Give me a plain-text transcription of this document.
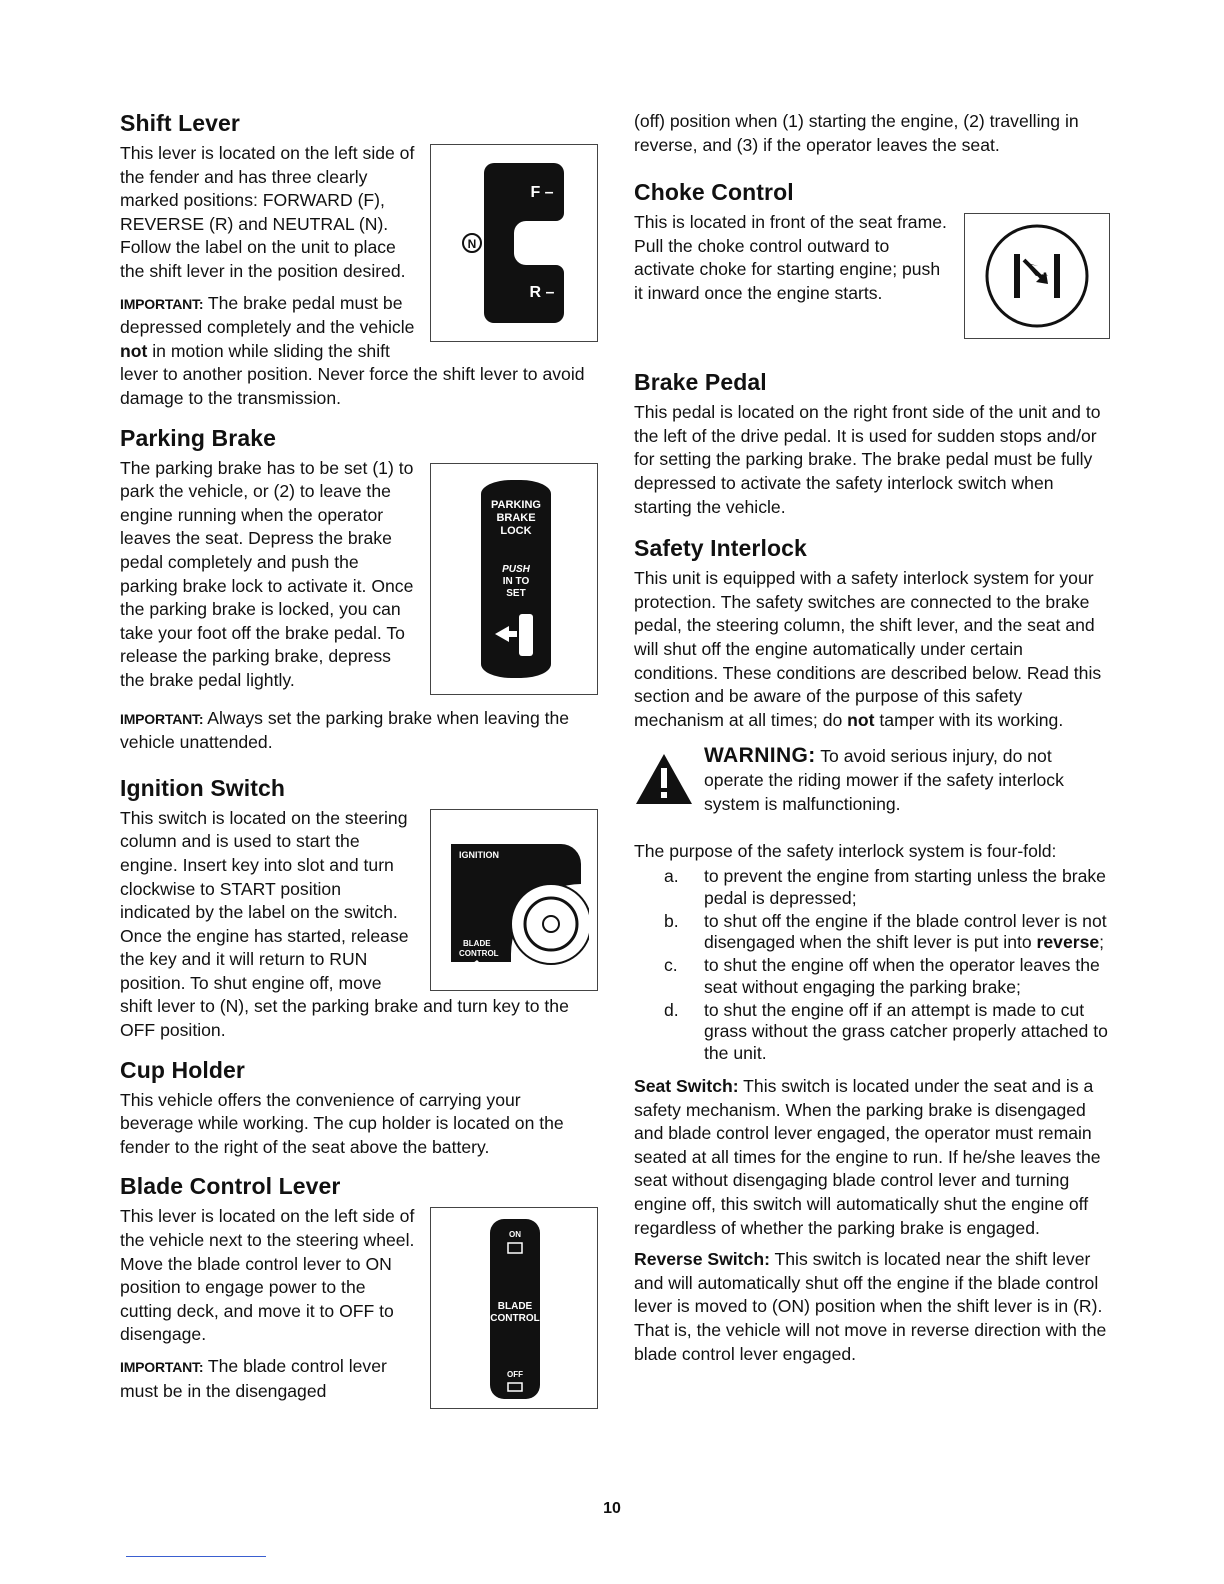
Shift Lever
F –
N
R –

This lever is located on the left side of the fender and has three clearly marked positions: FORWARD (F), REVERSE (R) and NEUTRAL (N). Follow the label on the unit to place the shift lever in the position desired.

IMPORTANT: The brake pedal must be depressed completely and the vehicle not in motion while sliding the shift lever to another position. Never force the shift lever to avoid damage to the transmission.

Parking Brake
PARKING
BRAKE
LOCK
PUSH
IN TO
SET

The parking brake has to be set (1) to park the vehicle, or (2) to leave the engine running when the operator leaves the seat. Depress the brake pedal completely and push the parking brake lock to activate it. Once the parking brake is locked, you can take your foot off the brake pedal. To release the parking brake, depress the brake pedal lightly.

IMPORTANT: Always set the parking brake when leaving the vehicle unattended.

Ignition Switch
IGNITION
BLADE
CONTROL

This switch is located on the steering column and is used to start the engine. Insert key into slot and turn clockwise to START position indicated by the label on the switch. Once the engine has started, release the key and it will return to RUN position. To shut engine off, move shift lever to (N), set the parking brake and turn key to the OFF position.

Cup Holder

This vehicle offers the convenience of carrying your beverage while working. The cup holder is located on the fender to the right of the seat above the battery.

Blade Control Lever
ON
BLADE
CONTROL
OFF

This lever is located on the left side of the vehicle next to the steering wheel. Move the blade control lever to ON position to engage power to the cutting deck, and move it to OFF to disengage.

IMPORTANT: The blade control lever must be in the disengaged

(off) position when (1) starting the engine, (2) travelling in reverse, and (3) if the operator leaves the seat.

Choke Control

This is located in front of the seat frame. Pull the choke control outward to activate choke for starting engine; push it inward once the engine starts.

Brake Pedal

This pedal is located on the right front side of the unit and to the left of the drive pedal. It is used for sudden stops and/or for setting the parking brake. The brake pedal must be fully depressed to activate the safety interlock switch when starting the vehicle.

Safety Interlock

This unit is equipped with a safety interlock system for your protection. The safety switches are connected to the brake pedal, the steering column, the shift lever, and the seat and will shut off the engine automatically under certain conditions. These conditions are described below. Read this section and be aware of the purpose of this safety mechanism at all times; do not tamper with its working.

WARNING: To avoid serious injury, do not operate the riding mower if the safety interlock system is malfunctioning.

The purpose of the safety interlock system is four-fold:

a.	to prevent the engine from starting unless the brake pedal is depressed;
b.	to shut off the engine if the blade control lever is not disengaged when the shift lever is put into reverse;
c.	to shut the engine off when the operator leaves the seat without engaging the parking brake;
d.	to shut the engine off if an attempt is made to cut grass without the grass catcher properly attached to the unit.

Seat Switch: This switch is located under the seat and is a safety mechanism. When the parking brake is disengaged and blade control lever engaged, the operator must remain seated at all times for the engine to run. If he/she leaves the seat without disengaging blade control lever and turning engine off, this switch will automatically shut the engine off regardless of whether the parking brake is engaged.

Reverse Switch: This switch is located near the shift lever and will automatically shut off the engine if the blade control lever is moved to (ON) position when the shift lever is in (R). That is, the vehicle will not move in reverse direction with the blade control lever engaged.

10
